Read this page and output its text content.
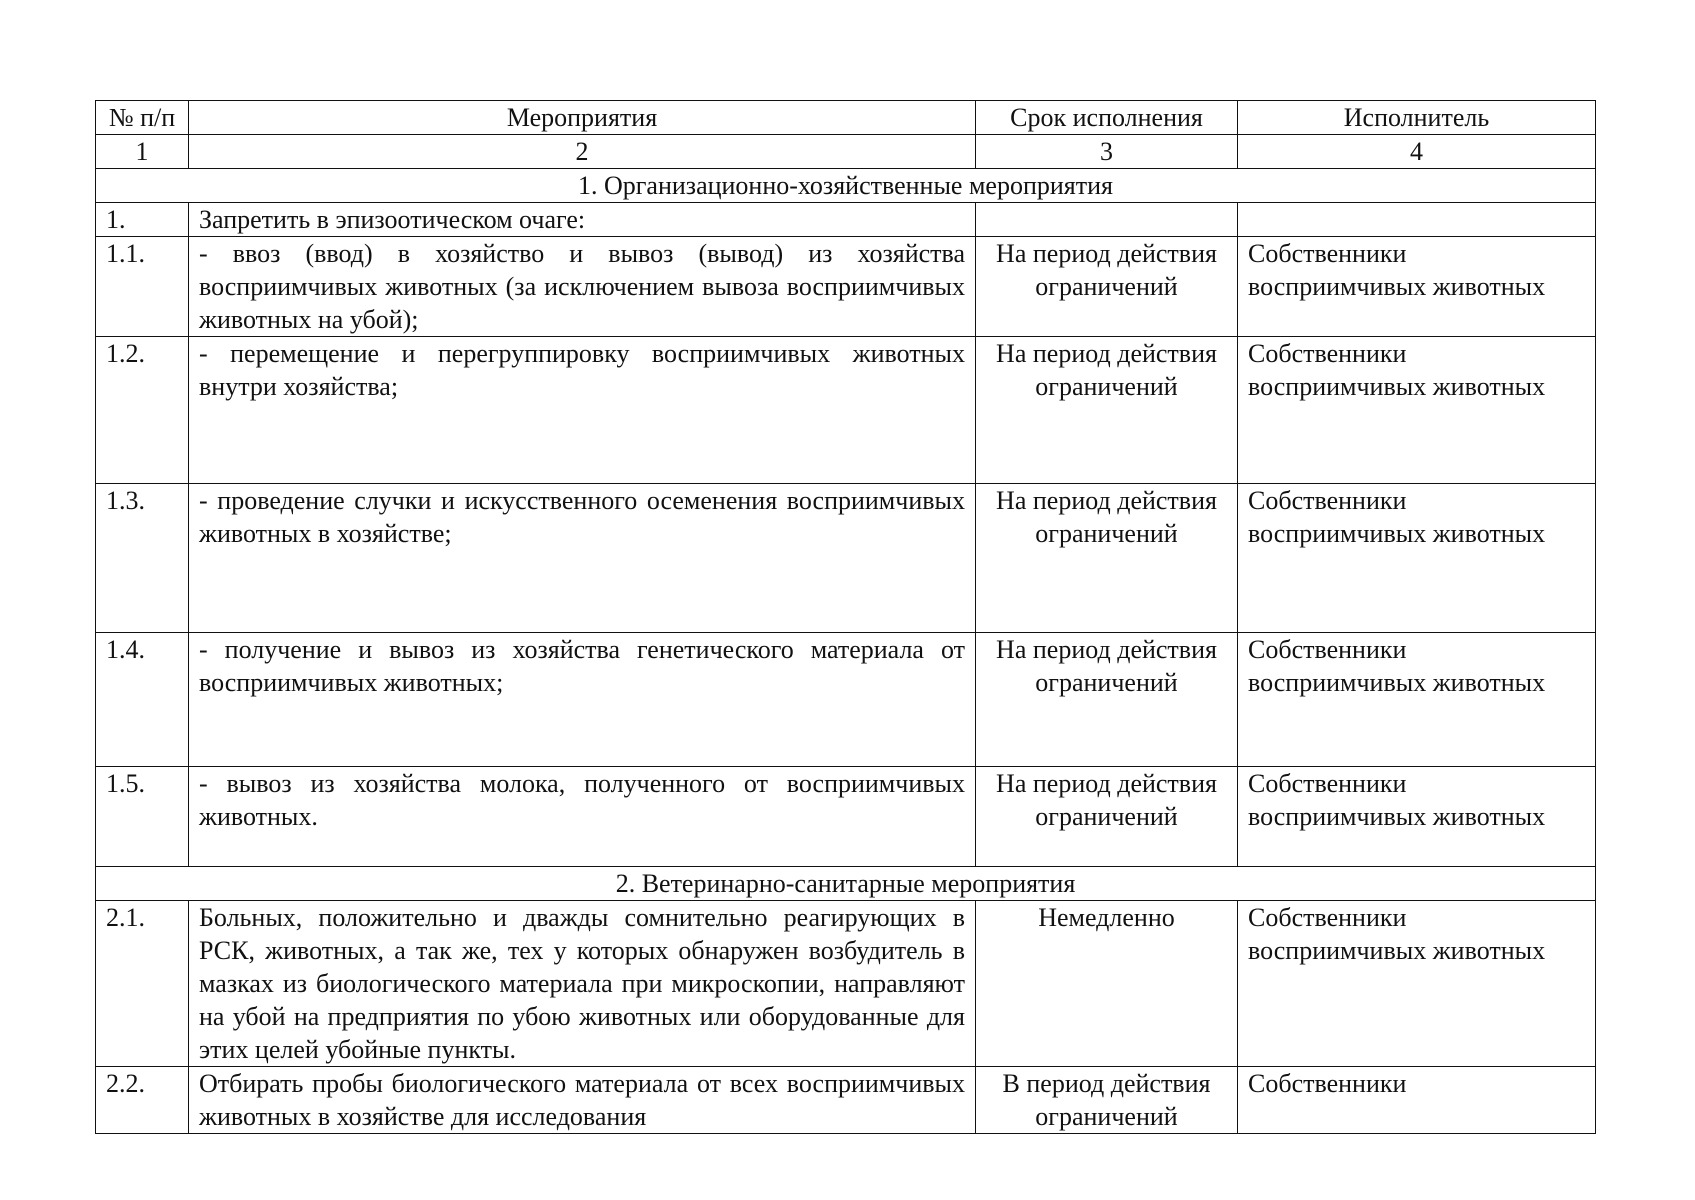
№ п/п	Мероприятия	Срок исполнения	Исполнитель
1	2	3	4
1. Организационно-хозяйственные мероприятия			
1.	Запретить в эпизоотическом очаге:		
1.1.	- ввоз (ввод) в хозяйство и вывоз (вывод) из хозяйства восприимчивых животных (за исключением вывоза восприимчивых животных на убой);	На период действия ограничений	Собственники восприимчивых животных
1.2.	- перемещение и перегруппировку восприимчивых животных внутри хозяйства;	На период действия ограничений	Собственники восприимчивых животных
1.3.	- проведение случки и искусственного осеменения восприимчивых животных в хозяйстве;	На период действия ограничений	Собственники восприимчивых животных
1.4.	- получение и вывоз из хозяйства генетического материала от восприимчивых животных;	На период действия ограничений	Собственники восприимчивых животных
1.5.	- вывоз из хозяйства молока, полученного от восприимчивых животных.	На период действия ограничений	Собственники восприимчивых животных
2. Ветеринарно-санитарные мероприятия			
2.1.	Больных, положительно и дважды сомнительно реагирующих в РСК, животных, а так же, тех у которых обнаружен возбудитель в мазках из биологического материала при микроскопии, направляют на убой на предприятия по убою животных или оборудованные для этих целей убойные пункты.	Немедленно	Собственники восприимчивых животных
2.2.	Отбирать пробы биологического материала от всех восприимчивых животных в хозяйстве для исследования	В период действия ограничений	Собственники
